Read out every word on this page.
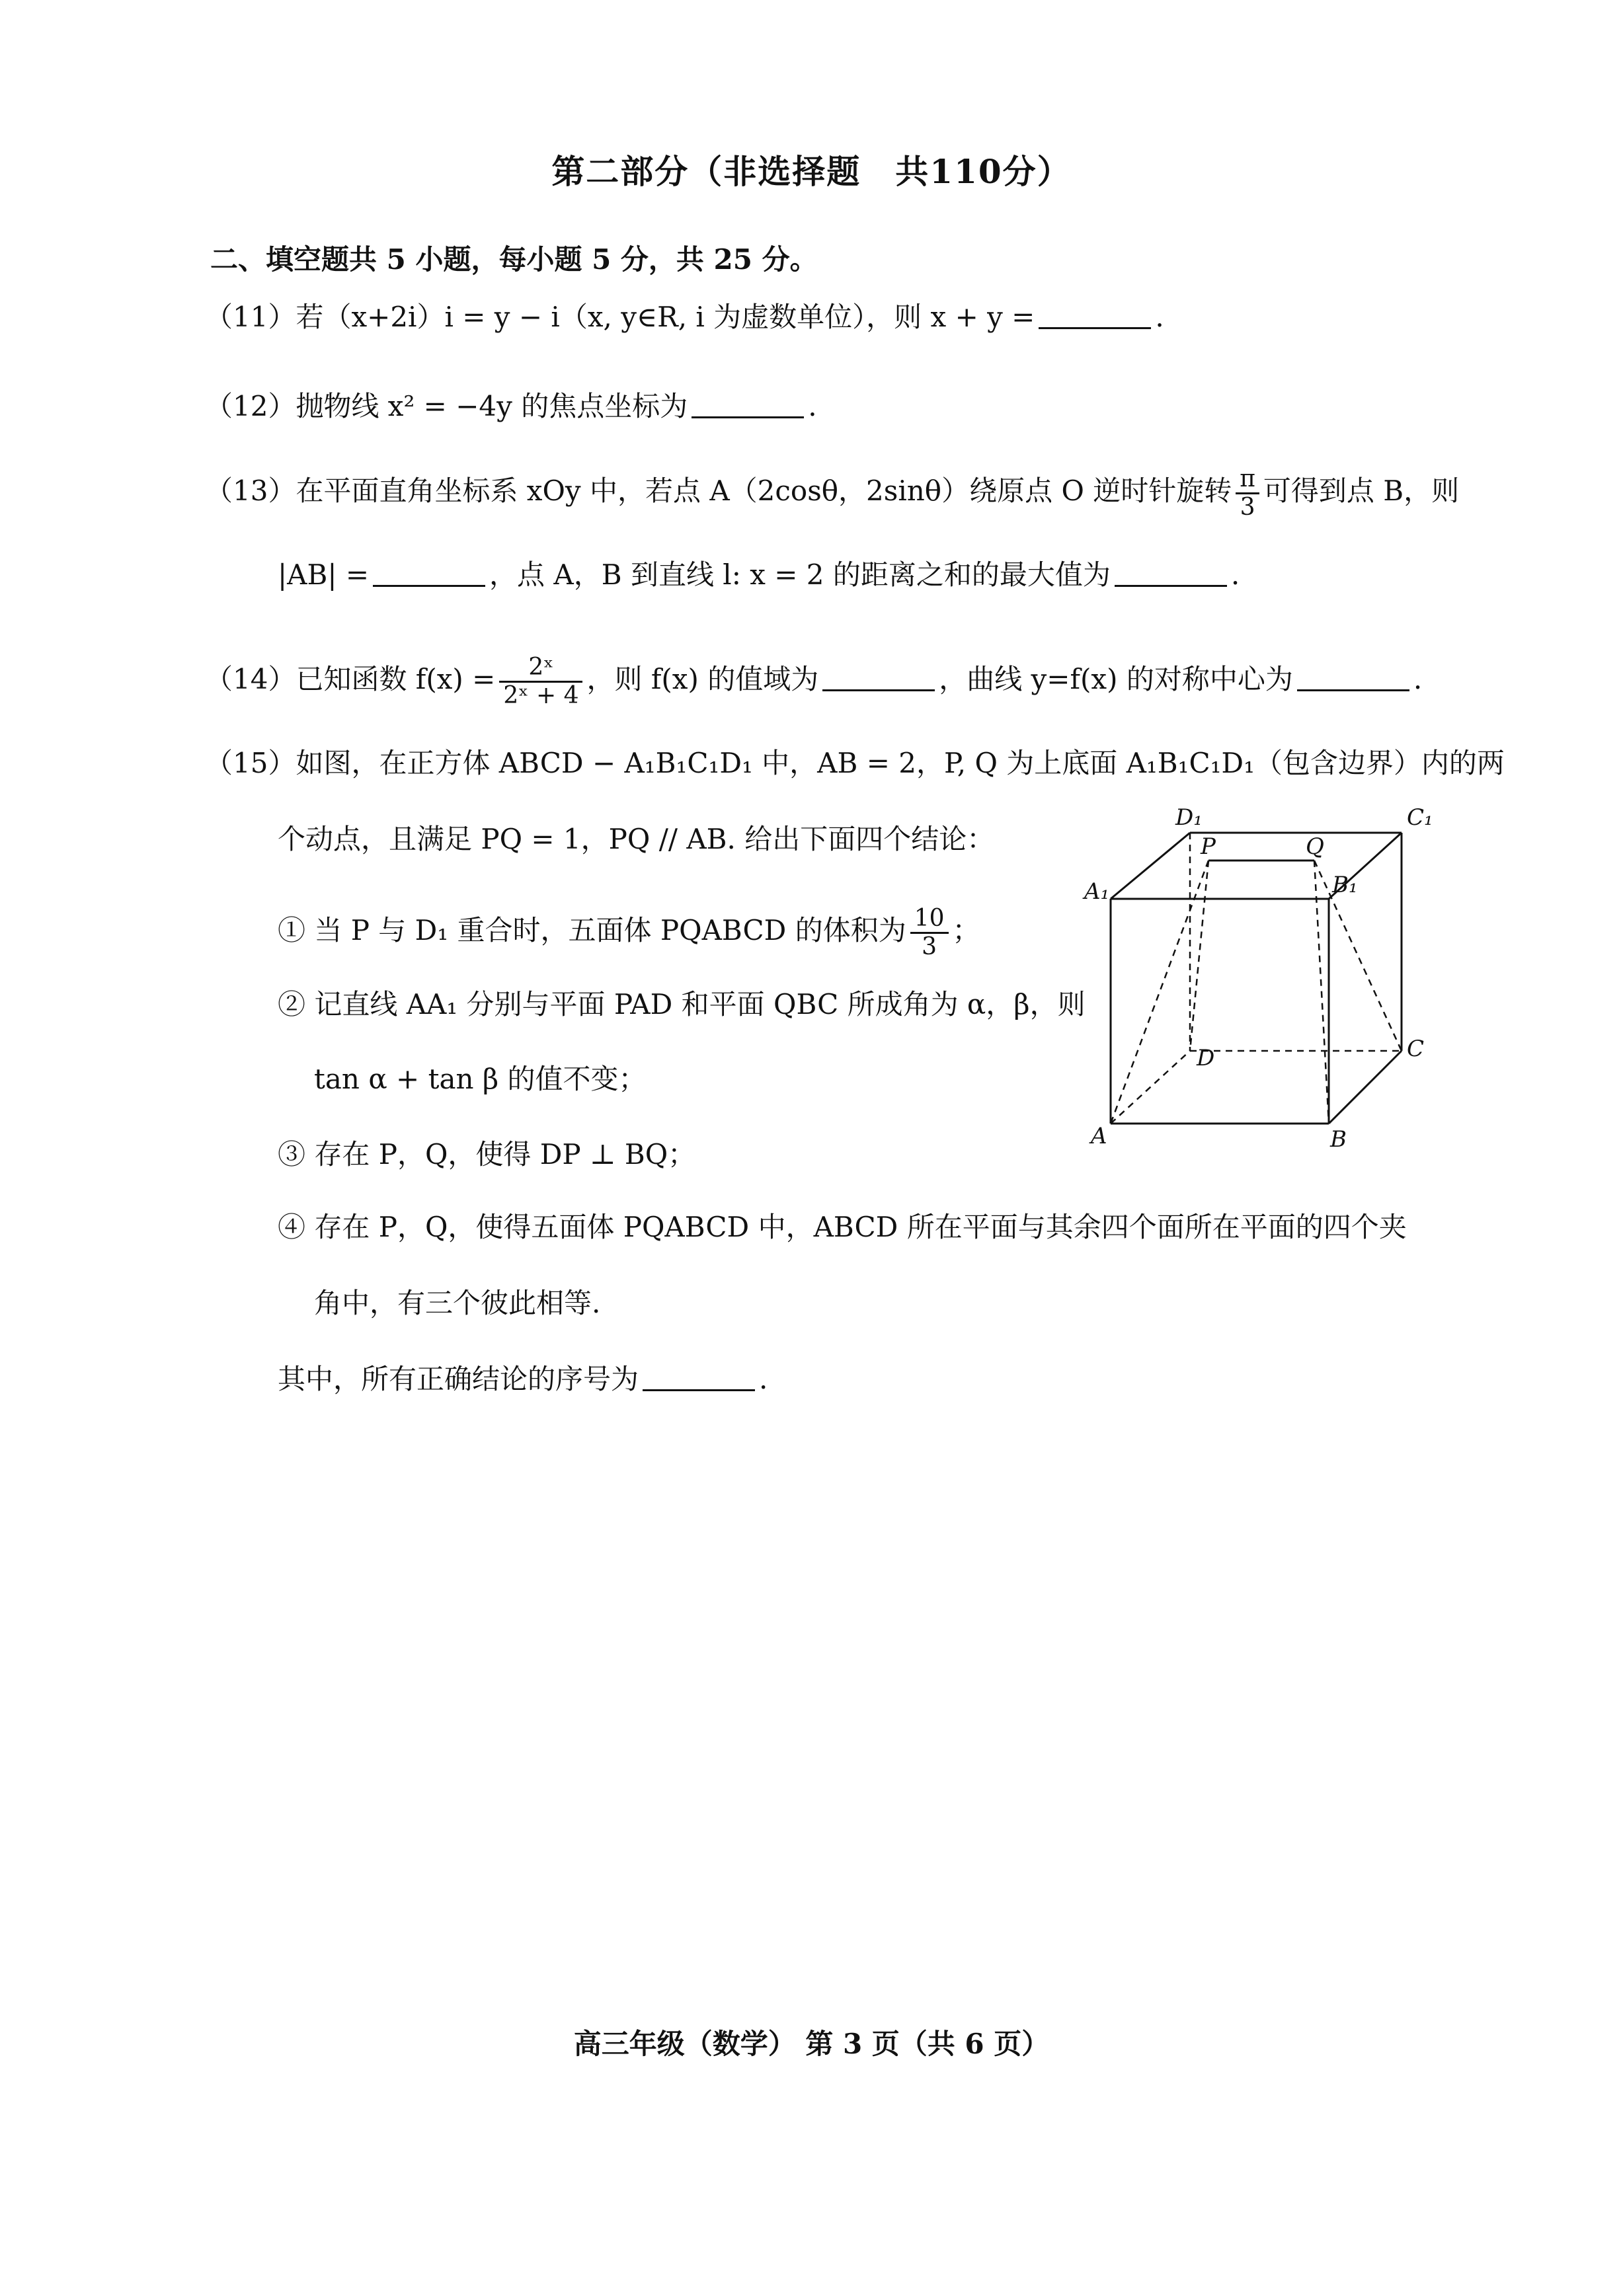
第二部分（非选择题　共110分）
二、填空题共 5 小题，每小题 5 分，共 25 分。
（11）若（x+2i）i = y − i（x, y∈R, i 为虚数单位），则 x + y =	.
（12）抛物线 x² = −4y 的焦点坐标为	.
（13）在平面直角坐标系 xOy 中，若点 A（2cosθ，2sinθ）绕原点 O 逆时针旋转 $\frac{\pi}{3}$ 可得到点 B，则
|AB| =	，点 A，B 到直线 l: x = 2 的距离之和的最大值为	.
（14）已知函数 $f(x) = \frac{\text{2ˣ}}{\text{2ˣ + 4}}$ ，则 f(x) 的值域为	，曲线 y=f(x) 的对称中心为	.
（15）如图，在正方体 ABCD − A₁B₁C₁D₁ 中，AB = 2，P, Q 为上底面 A₁B₁C₁D₁（包含边界）内的两
个动点，且满足 PQ = 1，PQ // AB. 给出下面四个结论：
① 当 P 与 D₁ 重合时，五面体 PQABCD 的体积为 $\frac{10}{3}$ ；
② 记直线 AA₁ 分别与平面 PAD 和平面 QBC 所成角为 α，β，则
tan α + tan β 的值不变；
③ 存在 P，Q，使得 DP ⊥ BQ；
④ 存在 P，Q，使得五面体 PQABCD 中，ABCD 所在平面与其余四个面所在平面的四个夹
角中，有三个彼此相等.
其中，所有正确结论的序号为	.
A₁	B₁
C₁
D₁
A	B
C
D
P	Q
高三年级（数学） 第 3 页（共 6 页）
